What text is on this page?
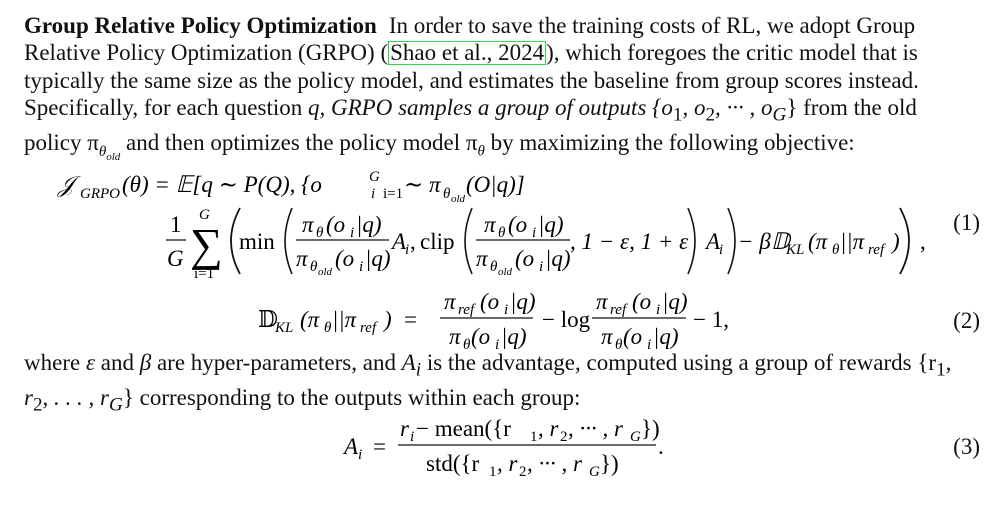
Group Relative Policy Optimization In order to save the training costs of RL, we adopt Group Relative Policy Optimization (GRPO) (Shao et al., 2024), which foregoes the critic model that is typically the same size as the policy model, and estimates the baseline from group scores instead. Specifically, for each question q, GRPO samples a group of outputs {$o_1$, $o_2$, ··· , $o_G$} from the old policy $\pi_{\theta_{old}}$ and then optimizes the policy model $\pi_\theta$ by maximizing the following objective:

𝒥 GRPO (θ) = 𝔼[q ∼ P(Q), {o	i
G
i=1 ∼ π θ old
(O|q)]
1
G
G
∑
i=1
min
π θ (o i |q)
π θ old
(o i |q)
A
i , clip
π θ (o i |q)
π θ old
(o i |q)
, 1 − ε, 1 + ε A
i − β𝔻
KL (π θ ||π ref ) ,
𝔻
KL (π θ ||π ref ) =
π ref (o i |q)
π θ (o i |q)
− log
π ref (o i |q)
π θ (o i |q)
− 1,
A i =
r i − mean({r 1 , r 2 , ··· , r G })
std({r 1 , r 2 , ··· , r G })
.
(1)
(2)
(3)

where ε and β are hyper-parameters, and $A_i$ is the advantage, computed using a group of rewards {$r_1$, $r_2$, . . . , $r_G$} corresponding to the outputs within each group:
